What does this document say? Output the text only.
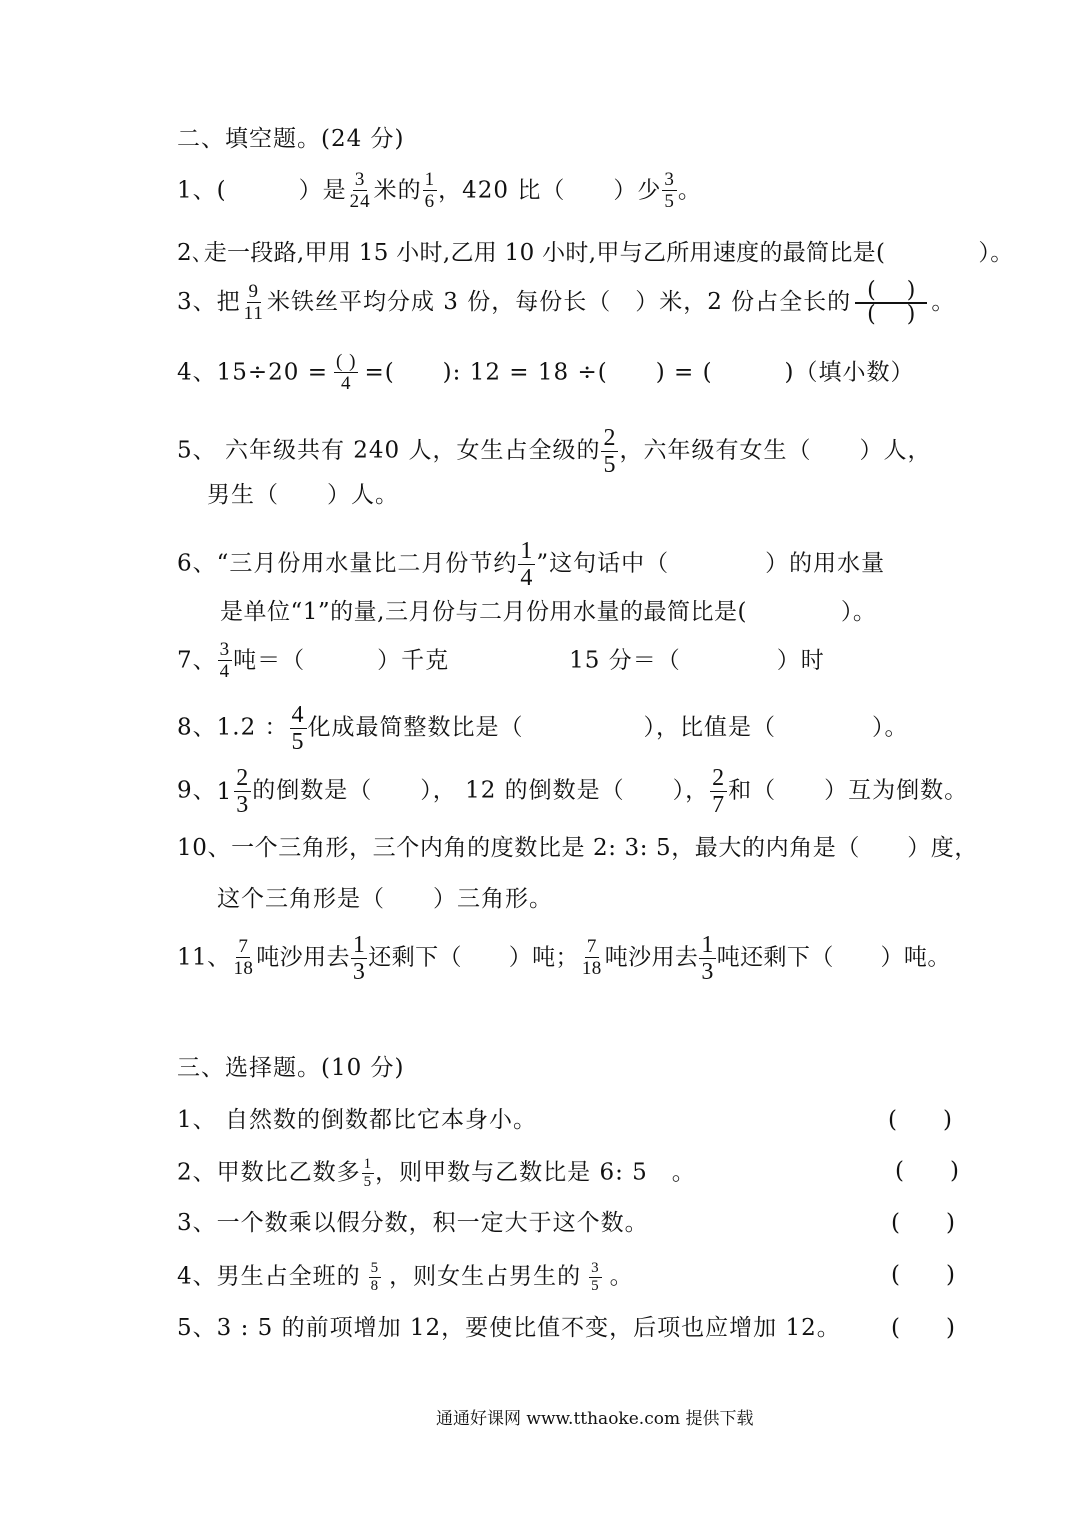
二、填空题。(24 分)
1、(　　　）是 $\frac{3}{24}$ 米的 $\frac{1}{6}$ ，420 比（　　）少 $\frac{3}{5}$ 。
2､走一段路,甲用 15 小时,乙用 10 小时,甲与乙所用速度的最简比是(　　　　）。
3、把 $\frac{9}{11}$ 米铁丝平均分成 3 份，每份长（　）米，2 份占全长的 $\frac{( )}{( )}$ 。
4、$15\div 20 = \frac{( )}{4}$ =(　　): 12 = 18 ÷(　　) = (　　　)（填小数）
5、 六年级共有 240 人，女生占全级的 $\frac{2}{5}$ ，六年级有女生（　　）人，
男生（　　）人。
6、“三月份用水量比二月份节约 $\frac{1}{4}$ ”这句话中（　　　　）的用水量
是单位“1”的量,三月份与二月份用水量的最简比是(　　　　）。
7、 $\frac{3}{4}$ 吨＝（　　　）千克	15 分＝（　　　　）时
8、1.2 ： $\frac{4}{5}$ 化成最简整数比是（　　　　　），比值是（　　　　）。
9、 $1 \frac{2}{3}$ 的倒数是（　　）， 12 的倒数是（　　）， $\frac{2}{7}$ 和（　　）互为倒数。
10、一个三角形，三个内角的度数比是 2: 3: 5，最大的内角是（　　）度，
这个三角形是（　　）三角形。
11、 $\frac{7}{18}$ 吨沙用去 $\frac{1}{3}$ 还剩下（　　）吨； $\frac{7}{18}$ 吨沙用去 $\frac{1}{3}$ 吨还剩下（　　）吨。
三、选择题。(10 分)
1、 自然数的倒数都比它本身小。	(　　)
2、甲数比乙数多 $\frac{1}{5}$ ，则甲数与乙数比是 6: 5　。	(　　)
3、一个数乘以假分数，积一定大于这个数。	(　　)
4、男生占全班的 $\frac{5}{8}$ ，则女生占男生的 $\frac{3}{5}$ 。	(　　)
5、3 : 5 的前项增加 12，要使比值不变，后项也应增加 12。 (　　)
通通好课网 www.tthaoke.com 提供下载
